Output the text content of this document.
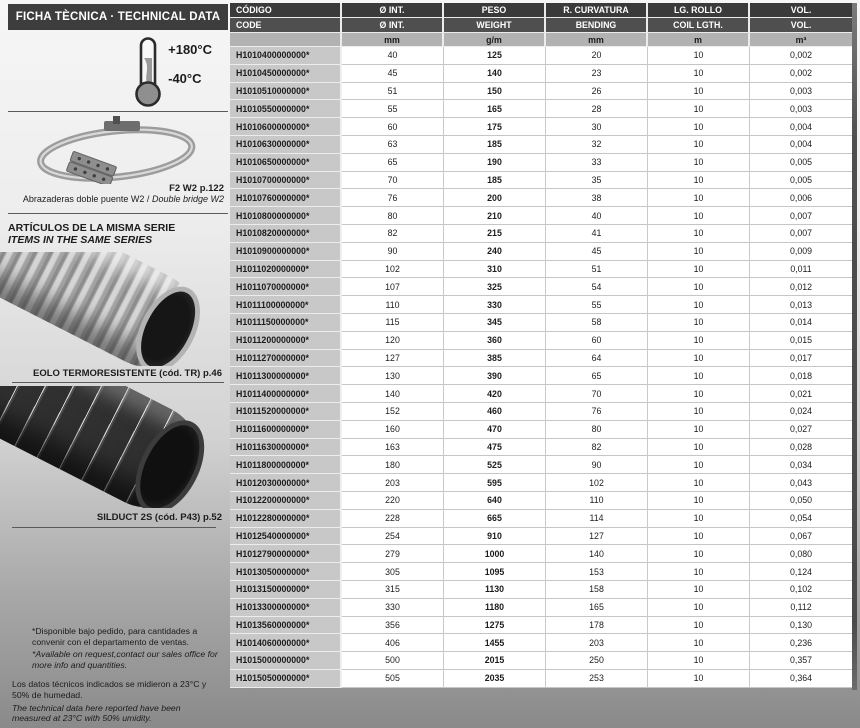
FICHA TÈCNICA · TECHNICAL DATA
+180°C
-40°C
F2 W2 p.122
Abrazaderas doble puente W2 / Double bridge W2
ARTÍCULOS DE LA MISMA SERIE
ITEMS IN THE SAME SERIES
EOLO TERMORESISTENTE (cód. TR) p.46
SILDUCT 2S (cód. P43) p.52
*Disponible bajo pedido, para cantidades a convenir con el departamento de ventas.
*Available on request,contact our sales office for more info and quantities.
Los datos técnicos indicados se midieron a 23°C y 50% de humedad.
The technical data here reported have been measured at 23°C with 50% umidity.
CÓDIGO	Ø INT.	PESO	R. CURVATURA	LG. ROLLO	VOL.
CODE	Ø INT.	WEIGHT	BENDING	COIL LGTH.	VOL.
mm	g/m	mm	m	m³
H1010400000000*	40	125	20	10	0,002
H1010450000000*	45	140	23	10	0,002
H1010510000000*	51	150	26	10	0,003
H1010550000000*	55	165	28	10	0,003
H1010600000000*	60	175	30	10	0,004
H1010630000000*	63	185	32	10	0,004
H1010650000000*	65	190	33	10	0,005
H1010700000000*	70	185	35	10	0,005
H1010760000000*	76	200	38	10	0,006
H1010800000000*	80	210	40	10	0,007
H1010820000000*	82	215	41	10	0,007
H1010900000000*	90	240	45	10	0,009
H1011020000000*	102	310	51	10	0,011
H1011070000000*	107	325	54	10	0,012
H1011100000000*	110	330	55	10	0,013
H1011150000000*	115	345	58	10	0,014
H1011200000000*	120	360	60	10	0,015
H1011270000000*	127	385	64	10	0,017
H1011300000000*	130	390	65	10	0,018
H1011400000000*	140	420	70	10	0,021
H1011520000000*	152	460	76	10	0,024
H1011600000000*	160	470	80	10	0,027
H1011630000000*	163	475	82	10	0,028
H1011800000000*	180	525	90	10	0,034
H1012030000000*	203	595	102	10	0,043
H1012200000000*	220	640	110	10	0,050
H1012280000000*	228	665	114	10	0,054
H1012540000000*	254	910	127	10	0,067
H1012790000000*	279	1000	140	10	0,080
H1013050000000*	305	1095	153	10	0,124
H1013150000000*	315	1130	158	10	0,102
H1013300000000*	330	1180	165	10	0,112
H1013560000000*	356	1275	178	10	0,130
H1014060000000*	406	1455	203	10	0,236
H1015000000000*	500	2015	250	10	0,357
H1015050000000*	505	2035	253	10	0,364
